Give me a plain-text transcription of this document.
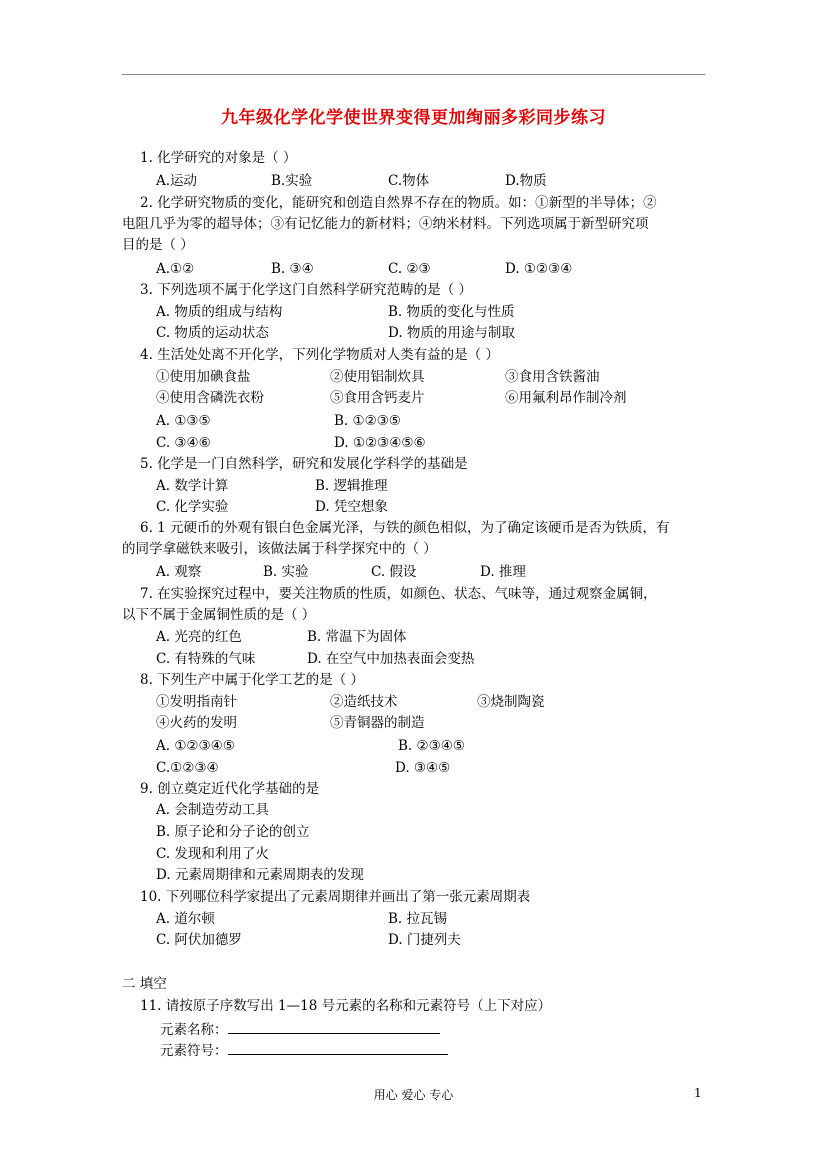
九年级化学化学使世界变得更加绚丽多彩同步练习
1. 化学研究的对象是（ ）
A.运动	B.实验	C.物体	D.物质
2. 化学研究物质的变化，能研究和创造自然界不存在的物质。如：①新型的半导体；②
电阻几乎为零的超导体；③有记忆能力的新材料；④纳米材料。下列选项属于新型研究项
目的是（ ）
A.①②	B. ③④	C. ②③	D. ①②③④
3. 下列选项不属于化学这门自然科学研究范畴的是（ ）
A. 物质的组成与结构	B. 物质的变化与性质
C. 物质的运动状态	D. 物质的用途与制取
4. 生活处处离不开化学，下列化学物质对人类有益的是（ ）
①使用加碘食盐	②使用铝制炊具	③食用含铁酱油
④使用含磷洗衣粉	⑤食用含钙麦片	⑥用氟利昂作制冷剂
A. ①③⑤	B. ①②③⑤
C. ③④⑥	D. ①②③④⑤⑥
5. 化学是一门自然科学，研究和发展化学科学的基础是
A. 数学计算	B. 逻辑推理
C. 化学实验	D. 凭空想象
6. 1 元硬币的外观有银白色金属光泽，与铁的颜色相似，为了确定该硬币是否为铁质，有
的同学拿磁铁来吸引，该做法属于科学探究中的（ ）
A. 观察	B. 实验	C. 假设	D. 推理
7. 在实验探究过程中，要关注物质的性质，如颜色、状态、气味等，通过观察金属铜，
以下不属于金属铜性质的是（ ）
A. 光亮的红色	B. 常温下为固体
C. 有特殊的气味	D. 在空气中加热表面会变热
8. 下列生产中属于化学工艺的是（ ）
①发明指南针	②造纸技术	③烧制陶瓷
④火药的发明	⑤青铜器的制造
A. ①②③④⑤	B. ②③④⑤
C.①②③④	D. ③④⑤
9. 创立奠定近代化学基础的是
A. 会制造劳动工具
B. 原子论和分子论的创立
C. 发现和利用了火
D. 元素周期律和元素周期表的发现
10. 下列哪位科学家提出了元素周期律并画出了第一张元素周期表
A. 道尔顿	B. 拉瓦锡
C. 阿伏加德罗	D. 门捷列夫
二 填空
11. 请按原子序数写出 1—18 号元素的名称和元素符号（上下对应）
元素名称：
元素符号：
用心 爱心 专心	1
